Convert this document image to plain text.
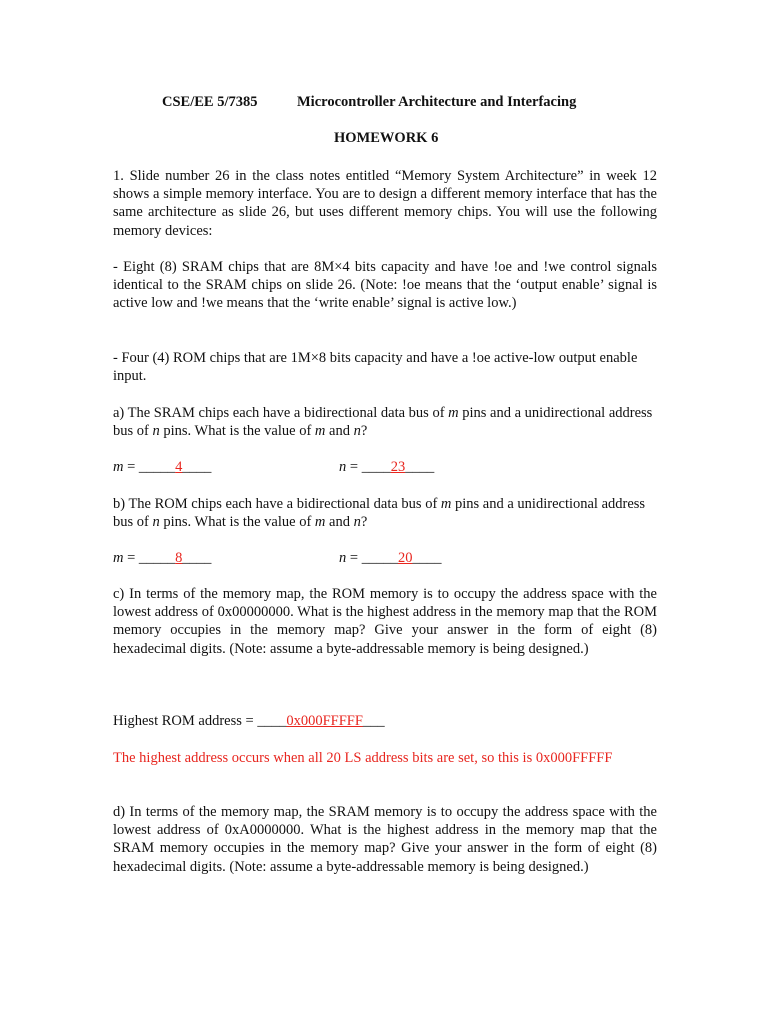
CSE/EE 5/7385	Microcontroller Architecture and Interfacing
HOMEWORK 6
1. Slide number 26 in the class notes entitled “Memory System Architecture” in week 12 shows a simple memory interface. You are to design a different memory interface that has the same architecture as slide 26, but uses different memory chips. You will use the following memory devices:
- Eight (8) SRAM chips that are 8M×4 bits capacity and have !oe and !we control signals identical to the SRAM chips on slide 26. (Note: !oe means that the ‘output enable’ signal is active low and !we means that the ‘write enable’ signal is active low.)
- Four (4) ROM chips that are 1M×8 bits capacity and have a !oe active-low output enable input.
a) The SRAM chips each have a bidirectional data bus of m pins and a unidirectional address bus of n pins. What is the value of m and n?
m = _____4____	n = ____23____
b) The ROM chips each have a bidirectional data bus of m pins and a unidirectional address bus of n pins. What is the value of m and n?
m = _____8____	n = _____20____
c) In terms of the memory map, the ROM memory is to occupy the address space with the lowest address of 0x00000000. What is the highest address in the memory map that the ROM memory occupies in the memory map? Give your answer in the form of eight (8) hexadecimal digits. (Note: assume a byte-addressable memory is being designed.)
Highest ROM address = ____0x000FFFFF___
The highest address occurs when all 20 LS address bits are set, so this is 0x000FFFFF
d) In terms of the memory map, the SRAM memory is to occupy the address space with the lowest address of 0xA0000000. What is the highest address in the memory map that the SRAM memory occupies in the memory map? Give your answer in the form of eight (8) hexadecimal digits. (Note: assume a byte-addressable memory is being designed.)
